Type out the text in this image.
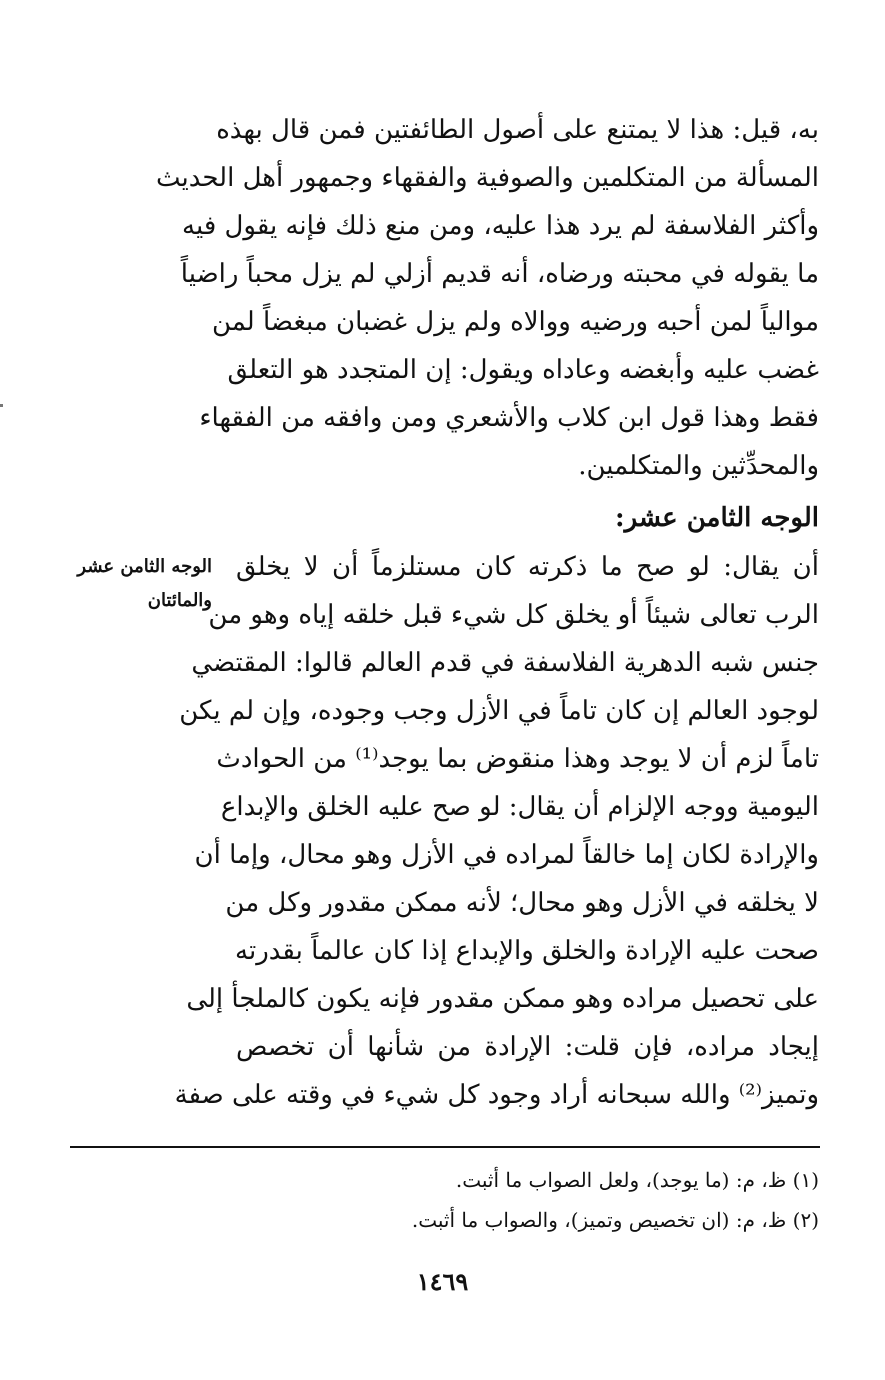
به، قيل: هذا لا يمتنع على أصول الطائفتين فمن قال بهذه
المسألة من المتكلمين والصوفية والفقهاء وجمهور أهل الحديث
وأكثر الفلاسفة لم يرد هذا عليه، ومن منع ذلك فإنه يقول فيه
ما يقوله في محبته ورضاه، أنه قديم أزلي لم يزل محباً راضياً
موالياً لمن أحبه ورضيه ووالاه ولم يزل غضبان مبغضاً لمن
غضب عليه وأبغضه وعاداه ويقول: إن المتجدد هو التعلق
فقط وهذا قول ابن كلاب والأشعري ومن وافقه من الفقهاء
والمحدِّثين والمتكلمين.
الوجه الثامن عشر:
الوجه الثامن عشر
والمائتان
أن يقال: لو صح ما ذكرته كان مستلزماً أن لا يخلق
الرب تعالى شيئاً أو يخلق كل شيء قبل خلقه إياه وهو من
جنس شبه الدهرية الفلاسفة في قدم العالم قالوا: المقتضي
لوجود العالم إن كان تاماً في الأزل وجب وجوده، وإن لم يكن
تاماً لزم أن لا يوجد وهذا منقوض بما يوجد⁽¹⁾ من الحوادث
اليومية ووجه الإلزام أن يقال: لو صح عليه الخلق والإبداع
والإرادة لكان إما خالقاً لمراده في الأزل وهو محال، وإما أن
لا يخلقه في الأزل وهو محال؛ لأنه ممكن مقدور وكل من
صحت عليه الإرادة والخلق والإبداع إذا كان عالماً بقدرته
على تحصيل مراده وهو ممكن مقدور فإنه يكون كالملجأ إلى
إيجاد مراده، فإن قلت: الإرادة من شأنها أن تخصص
وتميز⁽²⁾ والله سبحانه أراد وجود كل شيء في وقته على صفة
(١) ظ، م: (ما يوجد)، ولعل الصواب ما أثبت.
(٢) ظ، م: (ان تخصيص وتميز)، والصواب ما أثبت.
١٤٦٩
